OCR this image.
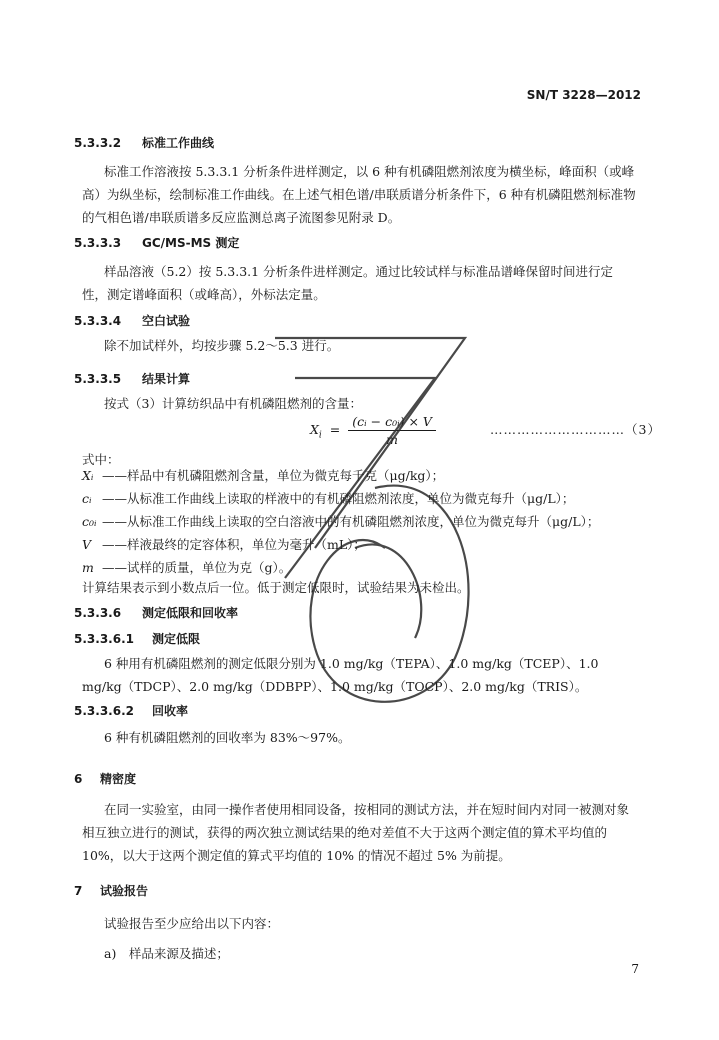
SN/T 3228—2012
5.3.3.2 标准工作曲线
标准工作溶液按 5.3.3.1 分析条件进样测定，以 6 种有机磷阻燃剂浓度为横坐标，峰面积（或峰高）为纵坐标，绘制标准工作曲线。在上述气相色谱/串联质谱分析条件下，6 种有机磷阻燃剂标准物的气相色谱/串联质谱多反应监测总离子流图参见附录 D。
5.3.3.3 GC/MS-MS 测定
样品溶液（5.2）按 5.3.3.1 分析条件进样测定。通过比较试样与标准品谱峰保留时间进行定性，测定谱峰面积（或峰高），外标法定量。
5.3.3.4 空白试验
除不加试样外，均按步骤 5.2～5.3 进行。
5.3.3.5 结果计算
按式（3）计算纺织品中有机磷阻燃剂的含量：
$X_i = \frac{\text{(cᵢ − c₀ᵢ) × V}}{m}$	…………………………（3）
式中：
Xᵢ ——样品中有机磷阻燃剂含量，单位为微克每千克（μg/kg）；
cᵢ ——从标准工作曲线上读取的样液中的有机磷阻燃剂浓度，单位为微克每升（μg/L）；
c₀ᵢ ——从标准工作曲线上读取的空白溶液中的有机磷阻燃剂浓度，单位为微克每升（μg/L）；
V ——样液最终的定容体积，单位为毫升（mL）；
m ——试样的质量，单位为克（g）。
计算结果表示到小数点后一位。低于测定低限时，试验结果为未检出。
5.3.3.6 测定低限和回收率
5.3.3.6.1 测定低限
6 种用有机磷阻燃剂的测定低限分别为 1.0 mg/kg（TEPA）、1.0 mg/kg（TCEP）、1.0 mg/kg（TDCP）、2.0 mg/kg（DDBPP）、1.0 mg/kg（TOCP）、2.0 mg/kg（TRIS）。
5.3.3.6.2 回收率
6 种有机磷阻燃剂的回收率为 83%～97%。
6 精密度
在同一实验室，由同一操作者使用相同设备，按相同的测试方法，并在短时间内对同一被测对象相互独立进行的测试，获得的两次独立测试结果的绝对差值不大于这两个测定值的算术平均值的 10%，以大于这两个测定值的算式平均值的 10% 的情况不超过 5% 为前提。
7 试验报告
试验报告至少应给出以下内容：
a)　样品来源及描述；
7
